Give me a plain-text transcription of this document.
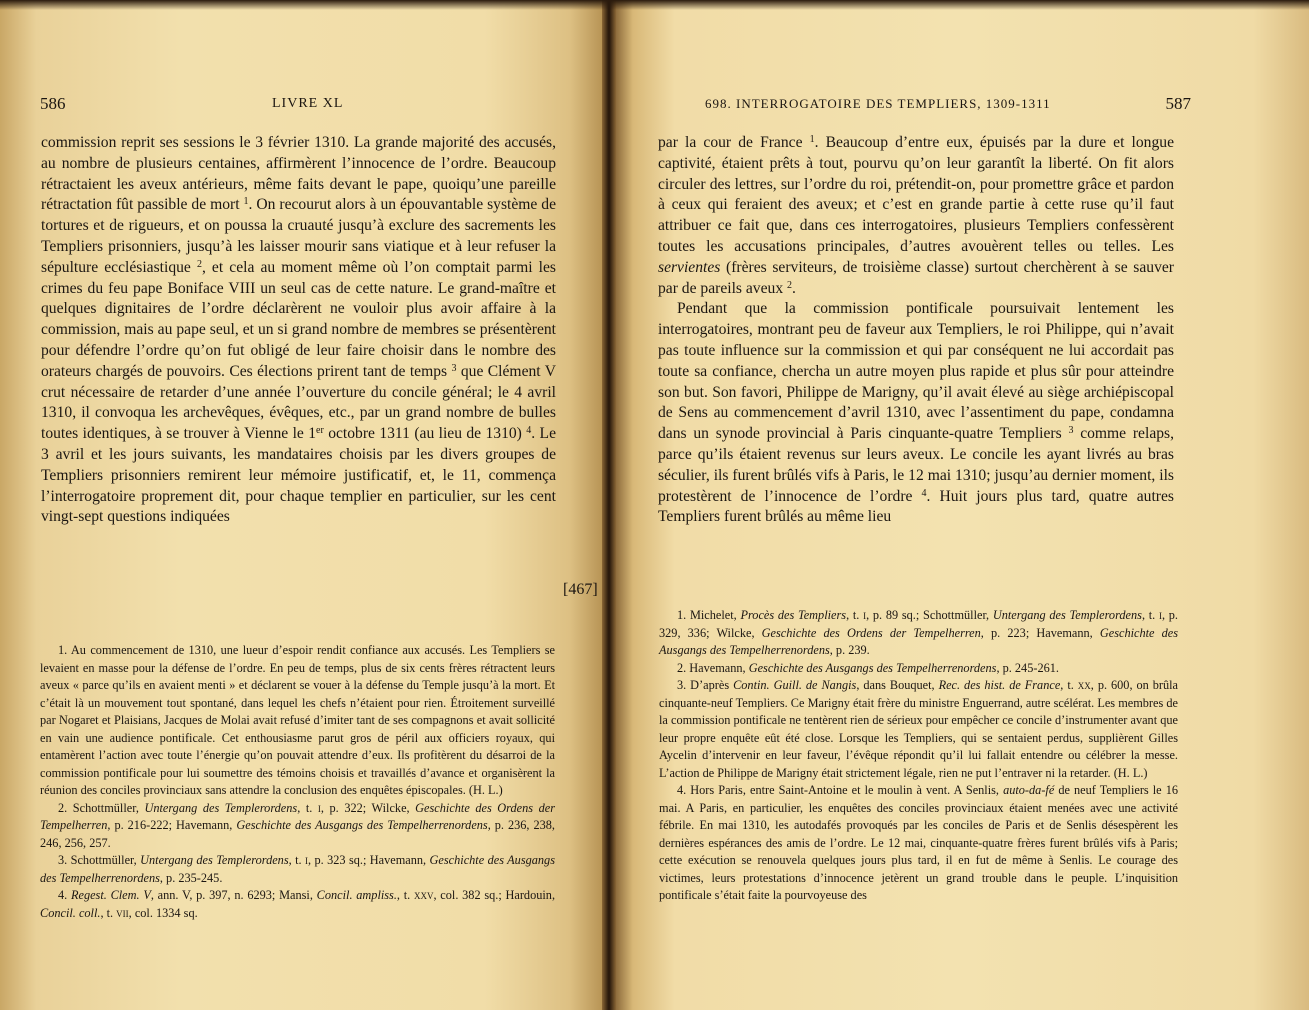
586	LIVRE XL

commission reprit ses sessions le 3 février 1310. La grande majorité des accusés, au nombre de plusieurs centaines, affirmèrent l’innocence de l’ordre. Beaucoup rétractaient les aveux antérieurs, même faits devant le pape, quoiqu’une pareille rétractation fût passible de mort $^1$. On recourut alors à un épouvantable système de tortures et de rigueurs, et on poussa la cruauté jusqu’à exclure des sacrements les Templiers prisonniers, jusqu’à les laisser mourir sans viatique et à leur refuser la sépulture ecclésiastique $^2$, et cela au moment même où l’on comptait parmi les crimes du feu pape Boniface VIII un seul cas de cette nature. Le grand-maître et quelques dignitaires de l’ordre déclarèrent ne vouloir plus avoir affaire à la commission, mais au pape seul, et un si grand nombre de membres se présentèrent pour défendre l’ordre qu’on fut obligé de leur faire choisir dans le nombre des orateurs chargés de pouvoirs. Ces élections prirent tant de temps $^3$ que Clément V crut nécessaire de retarder d’une année l’ouverture du concile général; le 4 avril 1310, il convoqua les archevêques, évêques, etc., par un grand nombre de bulles toutes identiques, à se trouver à Vienne le 1er octobre 1311 (au lieu de 1310) $^4$. Le 3 avril et les jours suivants, les mandataires choisis par les divers groupes de Templiers prisonniers remirent leur mémoire justificatif, et, le 11, commença l’interrogatoire proprement dit, pour chaque templier en particulier, sur les cent vingt-sept questions indiquées

1. Au commencement de 1310, une lueur d’espoir rendit confiance aux accusés. Les Templiers se levaient en masse pour la défense de l’ordre. En peu de temps, plus de six cents frères rétractent leurs aveux « parce qu’ils en avaient menti » et déclarent se vouer à la défense du Temple jusqu’à la mort. Et c’était là un mouvement tout spontané, dans lequel les chefs n’étaient pour rien. Étroitement surveillé par Nogaret et Plaisians, Jacques de Molai avait refusé d’imiter tant de ses compagnons et avait sollicité en vain une audience pontificale. Cet enthousiasme parut gros de péril aux officiers royaux, qui entamèrent l’action avec toute l’énergie qu’on pouvait attendre d’eux. Ils profitèrent du désarroi de la commission pontificale pour lui soumettre des témoins choisis et travaillés d’avance et organisèrent la réunion des conciles provinciaux sans attendre la conclusion des enquêtes épiscopales. (H. L.)

2. Schottmüller, Untergang des Templerordens, t. i, p. 322; Wilcke, Geschichte des Ordens der Tempelherren, p. 216-222; Havemann, Geschichte des Ausgangs des Tempelherrenordens, p. 236, 238, 246, 256, 257.

3. Schottmüller, Untergang des Templerordens, t. i, p. 323 sq.; Havemann, Geschichte des Ausgangs des Tempelherrenordens, p. 235-245.

4. Regest. Clem. V, ann. V, p. 397, n. 6293; Mansi, Concil. ampliss., t. xxv, col. 382 sq.; Hardouin, Concil. coll., t. vii, col. 1334 sq.

[467]
698. INTERROGATOIRE DES TEMPLIERS, 1309-1311	587

par la cour de France $^1$. Beaucoup d’entre eux, épuisés par la dure et longue captivité, étaient prêts à tout, pourvu qu’on leur garantît la liberté. On fit alors circuler des lettres, sur l’ordre du roi, prétendit-on, pour promettre grâce et pardon à ceux qui feraient des aveux; et c’est en grande partie à cette ruse qu’il faut attribuer ce fait que, dans ces interrogatoires, plusieurs Templiers confessèrent toutes les accusations principales, d’autres avouèrent telles ou telles. Les servientes (frères serviteurs, de troisième classe) surtout cherchèrent à se sauver par de pareils aveux $^2$.

Pendant que la commission pontificale poursuivait lentement les interrogatoires, montrant peu de faveur aux Templiers, le roi Philippe, qui n’avait pas toute influence sur la commission et qui par conséquent ne lui accordait pas toute sa confiance, chercha un autre moyen plus rapide et plus sûr pour atteindre son but. Son favori, Philippe de Marigny, qu’il avait élevé au siège archiépiscopal de Sens au commencement d’avril 1310, avec l’assentiment du pape, condamna dans un synode provincial à Paris cinquante-quatre Templiers $^3$ comme relaps, parce qu’ils étaient revenus sur leurs aveux. Le concile les ayant livrés au bras séculier, ils furent brûlés vifs à Paris, le 12 mai 1310; jusqu’au dernier moment, ils protestèrent de l’innocence de l’ordre $^4$. Huit jours plus tard, quatre autres Templiers furent brûlés au même lieu

1. Michelet, Procès des Templiers, t. i, p. 89 sq.; Schottmüller, Untergang des Templerordens, t. i, p. 329, 336; Wilcke, Geschichte des Ordens der Tempelherren, p. 223; Havemann, Geschichte des Ausgangs des Tempelherrenordens, p. 239.

2. Havemann, Geschichte des Ausgangs des Tempelherrenordens, p. 245-261.

3. D’après Contin. Guill. de Nangis, dans Bouquet, Rec. des hist. de France, t. xx, p. 600, on brûla cinquante-neuf Templiers. Ce Marigny était frère du ministre Enguerrand, autre scélérat. Les membres de la commission pontificale ne tentèrent rien de sérieux pour empêcher ce concile d’instrumenter avant que leur propre enquête eût été close. Lorsque les Templiers, qui se sentaient perdus, supplièrent Gilles Aycelin d’intervenir en leur faveur, l’évêque répondit qu’il lui fallait entendre ou célébrer la messe. L’action de Philippe de Marigny était strictement légale, rien ne put l’entraver ni la retarder. (H. L.)

4. Hors Paris, entre Saint-Antoine et le moulin à vent. A Senlis, auto-da-fé de neuf Templiers le 16 mai. A Paris, en particulier, les enquêtes des conciles provinciaux étaient menées avec une activité fébrile. En mai 1310, les autodafés provoqués par les conciles de Paris et de Senlis désespèrent les dernières espérances des amis de l’ordre. Le 12 mai, cinquante-quatre frères furent brûlés vifs à Paris; cette exécution se renouvela quelques jours plus tard, il en fut de même à Senlis. Le courage des victimes, leurs protestations d’innocence jetèrent un grand trouble dans le peuple. L’inquisition pontificale s’était faite la pourvoyeuse des
